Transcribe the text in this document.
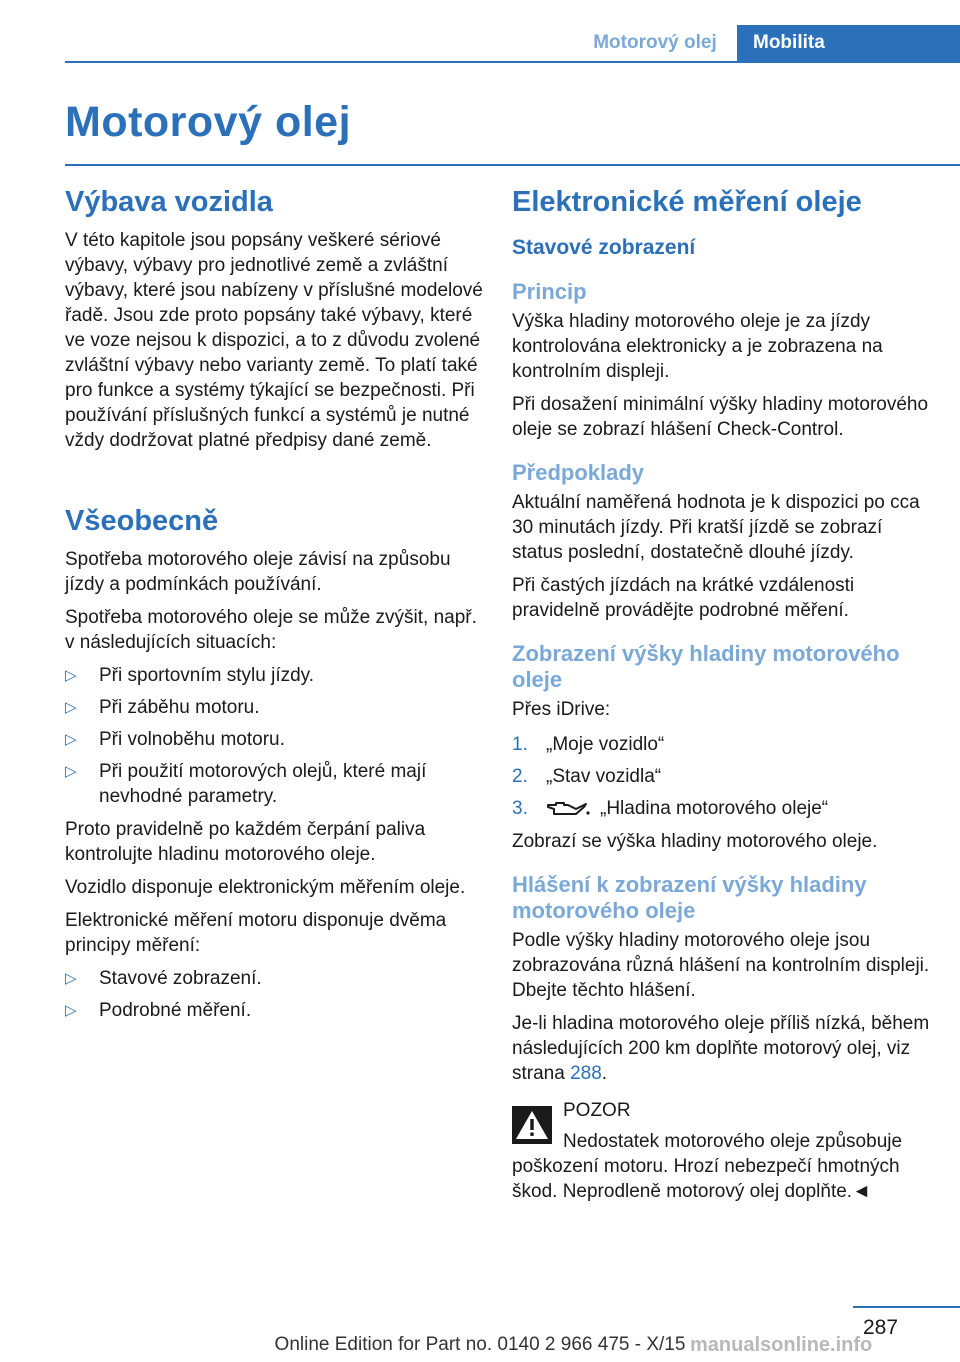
Motorový olej Mobilita
Motorový olej
Výbava vozidla

V této kapitole jsou popsány veškeré sériové výbavy, výbavy pro jednotlivé země a zvláštní výbavy, které jsou nabízeny v příslušné modelové řadě. Jsou zde proto popsány také výbavy, které ve voze nejsou k dispozici, a to z důvodu zvolené zvláštní výbavy nebo varianty země. To platí také pro funkce a systémy týkající se bezpečnosti. Při používání příslušných funkcí a systémů je nutné vždy dodržovat platné předpisy dané země.

Všeobecně

Spotřeba motorového oleje závisí na způsobu jízdy a podmínkách používání.

Spotřeba motorového oleje se může zvýšit, např. v následujících situacích:

▷ Při sportovním stylu jízdy.
▷ Při záběhu motoru.
▷ Při volnoběhu motoru.
▷ Při použití motorových olejů, které mají nevhodné parametry.

Proto pravidelně po každém čerpání paliva kontrolujte hladinu motorového oleje.

Vozidlo disponuje elektronickým měřením oleje.

Elektronické měření motoru disponuje dvěma principy měření:

▷ Stavové zobrazení.
▷ Podrobné měření.
Elektronické měření oleje
Stavové zobrazení
Princip

Výška hladiny motorového oleje je za jízdy kontrolována elektronicky a je zobrazena na kontrolním displeji.

Při dosažení minimální výšky hladiny motorového oleje se zobrazí hlášení Check-Control.

Předpoklady

Aktuální naměřená hodnota je k dispozici po cca 30 minutách jízdy. Při kratší jízdě se zobrazí status poslední, dostatečně dlouhé jízdy.

Při častých jízdách na krátké vzdálenosti pravidelně provádějte podrobné měření.

Zobrazení výšky hladiny motorového oleje

Přes iDrive:

1. „Moje vozidlo“
2. „Stav vozidla“
3.	„Hladina motorového oleje“

Zobrazí se výška hladiny motorového oleje.

Hlášení k zobrazení výšky hladiny motorového oleje

Podle výšky hladiny motorového oleje jsou zobrazována různá hlášení na kontrolním displeji. Dbejte těchto hlášení.

Je-li hladina motorového oleje příliš nízká, během následujících 200 km doplňte motorový olej, viz strana 288.

POZOR

Nedostatek motorového oleje způsobuje poškození motoru. Hrozí nebezpečí hmotných škod. Neprodleně motorový olej doplňte.◄

287
Online Edition for Part no. 0140 2 966 475 - X/15 manualsonline.info
